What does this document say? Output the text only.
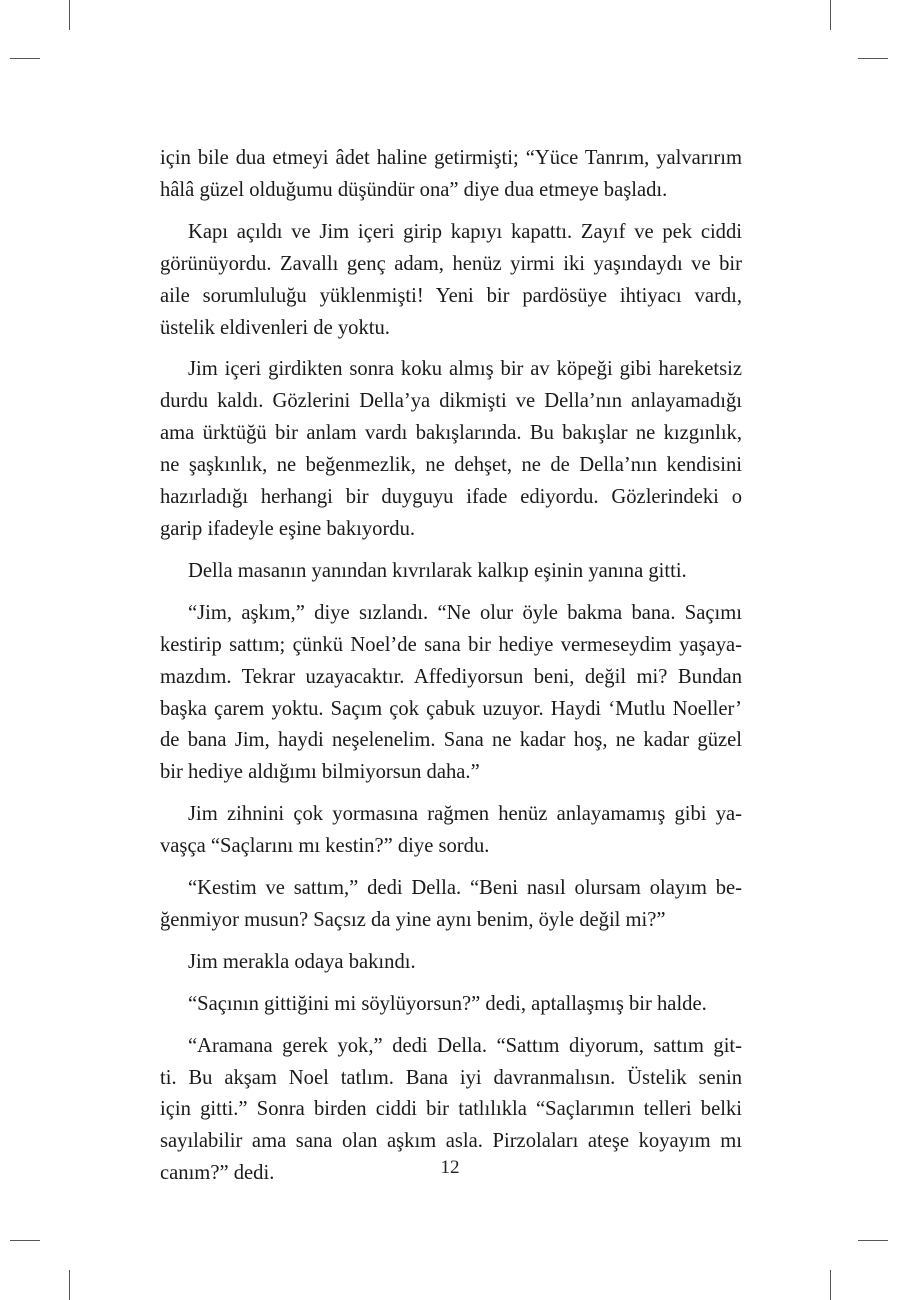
için bile dua etmeyi âdet haline getirmişti; “Yüce Tanrım, yalvarırım
hâlâ güzel olduğumu düşündür ona” diye dua etmeye başladı.

Kapı açıldı ve Jim içeri girip kapıyı kapattı. Zayıf ve pek ciddi
görünüyordu. Zavallı genç adam, henüz yirmi iki yaşındaydı ve bir
aile sorumluluğu yüklenmişti! Yeni bir pardösüye ihtiyacı vardı,
üstelik eldivenleri de yoktu.

Jim içeri girdikten sonra koku almış bir av köpeği gibi hareketsiz
durdu kaldı. Gözlerini Della’ya dikmişti ve Della’nın anlayamadığı
ama ürktüğü bir anlam vardı bakışlarında. Bu bakışlar ne kızgınlık,
ne şaşkınlık, ne beğenmezlik, ne dehşet, ne de Della’nın kendisini
hazırladığı herhangi bir duyguyu ifade ediyordu. Gözlerindeki o
garip ifadeyle eşine bakıyordu.

Della masanın yanından kıvrılarak kalkıp eşinin yanına gitti.

“Jim, aşkım,” diye sızlandı. “Ne olur öyle bakma bana. Saçımı
kestirip sattım; çünkü Noel’de sana bir hediye vermeseydim yaşaya-
mazdım. Tekrar uzayacaktır. Affediyorsun beni, değil mi? Bundan
başka çarem yoktu. Saçım çok çabuk uzuyor. Haydi ‘Mutlu Noeller’
de bana Jim, haydi neşelenelim. Sana ne kadar hoş, ne kadar güzel
bir hediye aldığımı bilmiyorsun daha.”

Jim zihnini çok yormasına rağmen henüz anlayamamış gibi ya-
vaşça “Saçlarını mı kestin?” diye sordu.

“Kestim ve sattım,” dedi Della. “Beni nasıl olursam olayım be-
ğenmiyor musun? Saçsız da yine aynı benim, öyle değil mi?”

Jim merakla odaya bakındı.

“Saçının gittiğini mi söylüyorsun?” dedi, aptallaşmış bir halde.

“Aramana gerek yok,” dedi Della. “Sattım diyorum, sattım git-
ti. Bu akşam Noel tatlım. Bana iyi davranmalısın. Üstelik senin
için gitti.” Sonra birden ciddi bir tatlılıkla “Saçlarımın telleri belki
sayılabilir ama sana olan aşkım asla. Pirzolaları ateşe koyayım mı
canım?” dedi.	12
